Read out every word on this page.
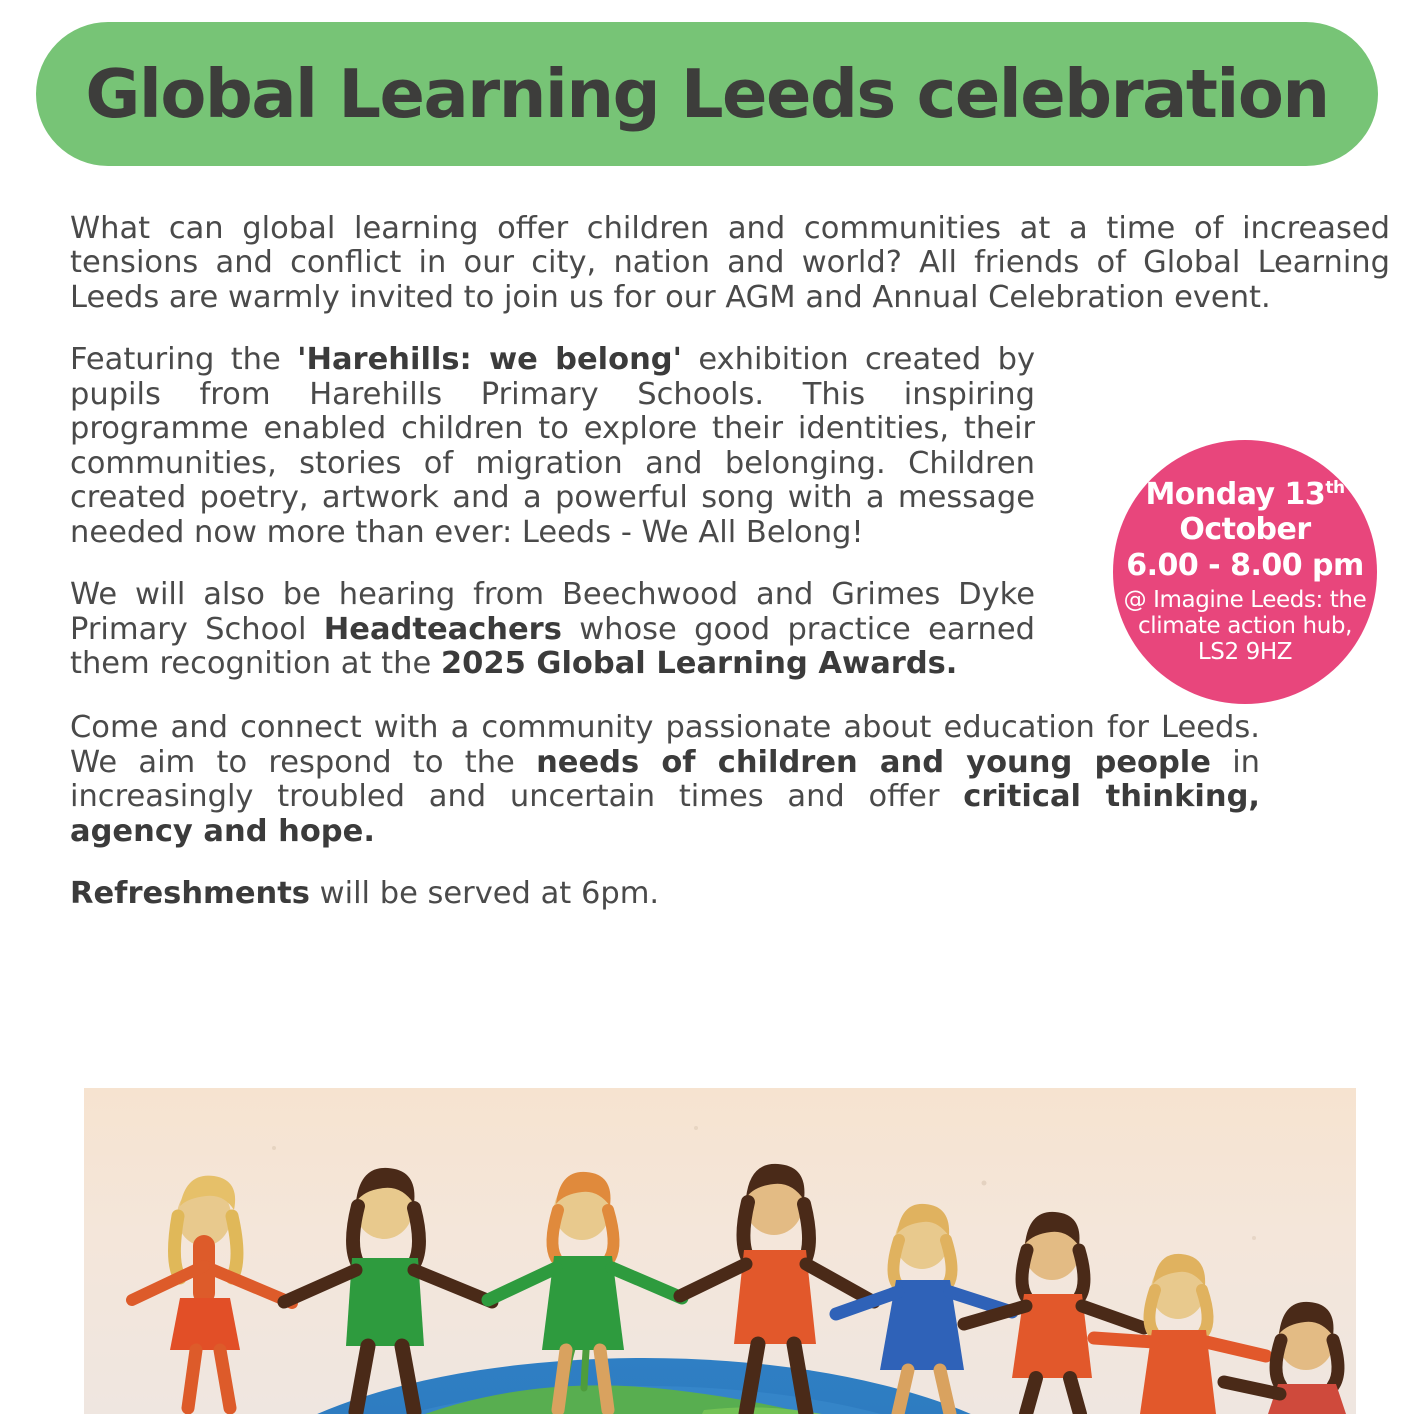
Global Learning Leeds celebration

What can global learning offer children and communities at a time of increased tensions and conflict in our city, nation and world? All friends of Global Learning Leeds are warmly invited to join us for our AGM and Annual Celebration event.

Featuring the 'Harehills: we belong' exhibition created by pupils from Harehills Primary Schools. This inspiring programme enabled children to explore their identities, their communities, stories of migration and belonging. Children created poetry, artwork and a powerful song with a message needed now more than ever: Leeds - We All Belong!

We will also be hearing from Beechwood and Grimes Dyke Primary School Headteachers whose good practice earned them recognition at the 2025 Global Learning Awards.

Come and connect with a community passionate about education for Leeds. We aim to respond to the needs of children and young people in increasingly troubled and uncertain times and offer critical thinking, agency and hope.

Refreshments will be served at 6pm.

Monday 13th
October
6.00 - 8.00 pm
@ Imagine Leeds: the
climate action hub,
LS2 9HZ
